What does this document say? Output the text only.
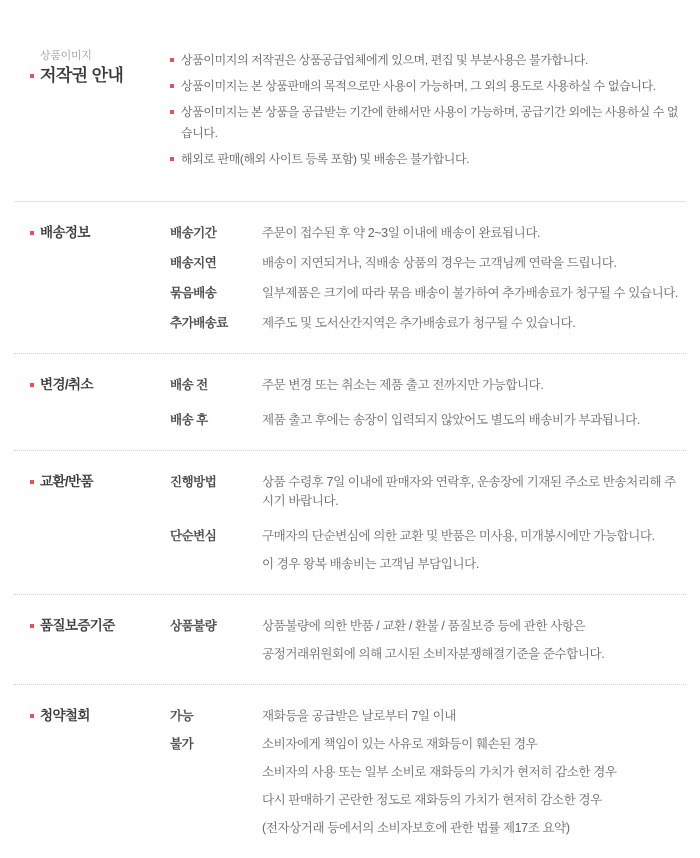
상품이미지
저작권 안내
상품이미지의 저작권은 상품공급업체에게 있으며, 편집 및 부분사용은 불가합니다.
상품이미지는 본 상품판매의 목적으로만 사용이 가능하며, 그 외의 용도로 사용하실 수 없습니다.
상품이미지는 본 상품을 공급받는 기간에 한해서만 사용이 가능하며, 공급기간 외에는 사용하실 수 없습니다.
해외로 판매(해외 사이트 등록 포함) 및 배송은 불가합니다.
배송정보	배송기간	주문이 접수된 후 약 2~3일 이내에 배송이 완료됩니다.
배송지연	배송이 지연되거나, 직배송 상품의 경우는 고객님께 연락을 드립니다.
묶음배송	일부제품은 크기에 따라 묶음 배송이 불가하여 추가배송료가 청구될 수 있습니다.
추가배송료	제주도 및 도서산간지역은 추가배송료가 청구될 수 있습니다.
변경/취소	배송 전	주문 변경 또는 취소는 제품 출고 전까지만 가능합니다.
배송 후	제품 출고 후에는 송장이 입력되지 않았어도 별도의 배송비가 부과됩니다.
교환/반품	진행방법	상품 수령후 7일 이내에 판매자와 연락후, 운송장에 기재된 주소로 반송처리해 주시기 바랍니다.
단순변심	구매자의 단순변심에 의한 교환 및 반품은 미사용, 미개봉시에만 가능합니다.
이 경우 왕복 배송비는 고객님 부담입니다.
품질보증기준	상품불량	상품불량에 의한 반품 / 교환 / 환불 / 품질보증 등에 관한 사항은
공정거래위원회에 의해 고시된 소비자분쟁해결기준을 준수합니다.
청약철회	가능	재화등을 공급받은 날로부터 7일 이내
불가	소비자에게 책임이 있는 사유로 재화등이 훼손된 경우
소비자의 사용 또는 일부 소비로 재화등의 가치가 현저히 감소한 경우
다시 판매하기 곤란한 정도로 재화등의 가치가 현저히 감소한 경우
(전자상거래 등에서의 소비자보호에 관한 법률 제17조 요약)
